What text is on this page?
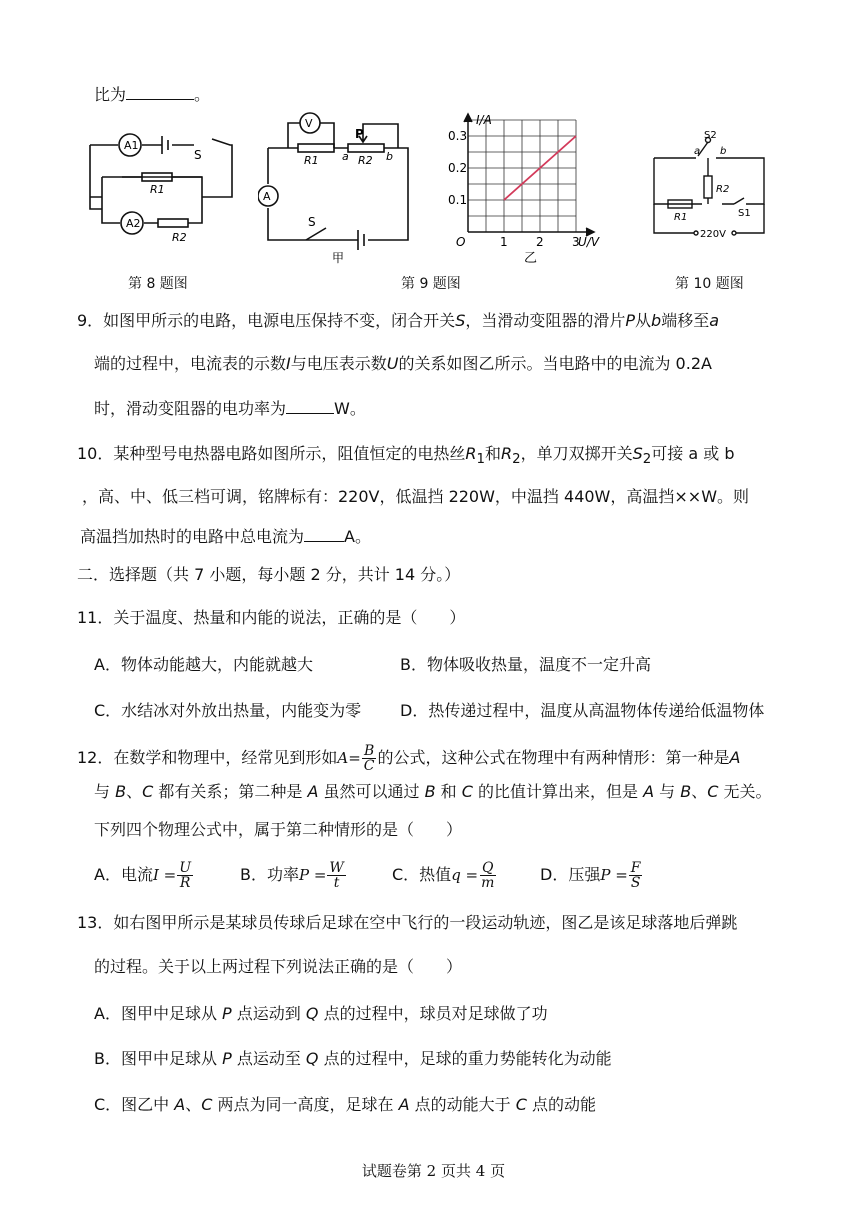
比为	。
A1
A2
S
R1
R2
第 8 题图
V
A
P
R1	R2
a	b
S
甲
第 9 题图
I/A
U/V
O
0.1
0.2
0.3
1 2 3
乙
S2
a b
R2
R1	S1
220V
第 10 题图
9．如图甲所示的电路，电源电压保持不变，闭合开关S，当滑动变阻器的滑片P从b端移至a
端的过程中，电流表的示数I与电压表示数U的关系如图乙所示。当电路中的电流为 0.2A
时，滑动变阻器的电功率为	W。
10．某种型号电热器电路如图所示，阻值恒定的电热丝$R_1$和$R_2$，单刀双掷开关$S_2$可接 a 或 b
，高、中、低三档可调，铭牌标有：220V，低温挡 220W，中温挡 440W，高温挡××W。则
高温挡加热时的电路中总电流为	A。
二．选择题（共 7 小题，每小题 2 分，共计 14 分。）
11．关于温度、热量和内能的说法，正确的是（　　）
A．物体动能越大，内能就越大	B．物体吸收热量，温度不一定升高
C．水结冰对外放出热量，内能变为零 D．热传递过程中，温度从高温物体传递给低温物体
12．在数学和物理中，经常见到形如$A= \frac{B}{C}$ 的公式，这种公式在物理中有两种情形：第一种是A
与 B、C 都有关系；第二种是 A 虽然可以通过 B 和 C 的比值计算出来，但是 A 与 B、C 无关。
下列四个物理公式中，属于第二种情形的是（　　）
A．电流$I = \frac{U}{R}$	B．功率$P = \frac{W}{t}$	C．热值$q = \frac{Q}{m}$	D．压强$P = \frac{F}{S}$
13．如右图甲所示是某球员传球后足球在空中飞行的一段运动轨迹，图乙是该足球落地后弹跳
的过程。关于以上两过程下列说法正确的是（　　）
A．图甲中足球从 P 点运动到 Q 点的过程中，球员对足球做了功
B．图甲中足球从 P 点运动至 Q 点的过程中，足球的重力势能转化为动能
C．图乙中 A、C 两点为同一高度，足球在 A 点的动能大于 C 点的动能
试题卷第 2 页共 4 页
